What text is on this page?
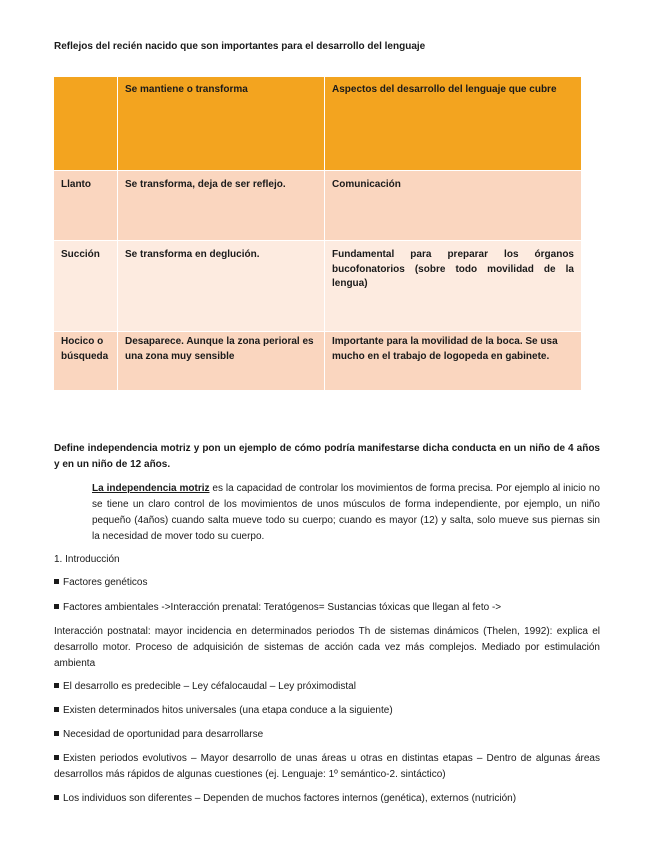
Reflejos del recién nacido que son importantes para el desarrollo del lenguaje
	Se mantiene o transforma	Aspectos del desarrollo del lenguaje que cubre
Llanto	Se transforma, deja de ser reflejo.	Comunicación
Succión	Se transforma en deglución.	Fundamental para preparar los órganos bucofonatorios (sobre todo movilidad de la lengua)
Hocico o búsqueda	Desaparece. Aunque la zona perioral es una zona muy sensible	Importante para la movilidad de la boca. Se usa mucho en el trabajo de logopeda en gabinete.
Define independencia motriz y pon un ejemplo de cómo podría manifestarse dicha conducta en un niño de 4 años y en un niño de 12 años.
La independencia motriz es la capacidad de controlar los movimientos de forma precisa. Por ejemplo al inicio no se tiene un claro control de los movimientos de unos músculos de forma independiente, por ejemplo, un niño pequeño (4años) cuando salta mueve todo su cuerpo; cuando es mayor (12) y salta, solo mueve sus piernas sin la necesidad de mover todo su cuerpo.
1. Introducción
Factores genéticos
Factores ambientales ->Interacción prenatal: Teratógenos= Sustancias tóxicas que llegan al feto ->
Interacción postnatal: mayor incidencia en determinados periodos Th de sistemas dinámicos (Thelen, 1992): explica el desarrollo motor. Proceso de adquisición de sistemas de acción cada vez más complejos. Mediado por estimulación ambienta
El desarrollo es predecible – Ley céfalocaudal – Ley próximodistal
Existen determinados hitos universales (una etapa conduce a la siguiente)
Necesidad de oportunidad para desarrollarse
Existen periodos evolutivos – Mayor desarrollo de unas áreas u otras en distintas etapas – Dentro de algunas áreas desarrollos más rápidos de algunas cuestiones (ej. Lenguaje: 1º semántico-2. sintáctico)
Los individuos son diferentes – Dependen de muchos factores internos (genética), externos (nutrición)
